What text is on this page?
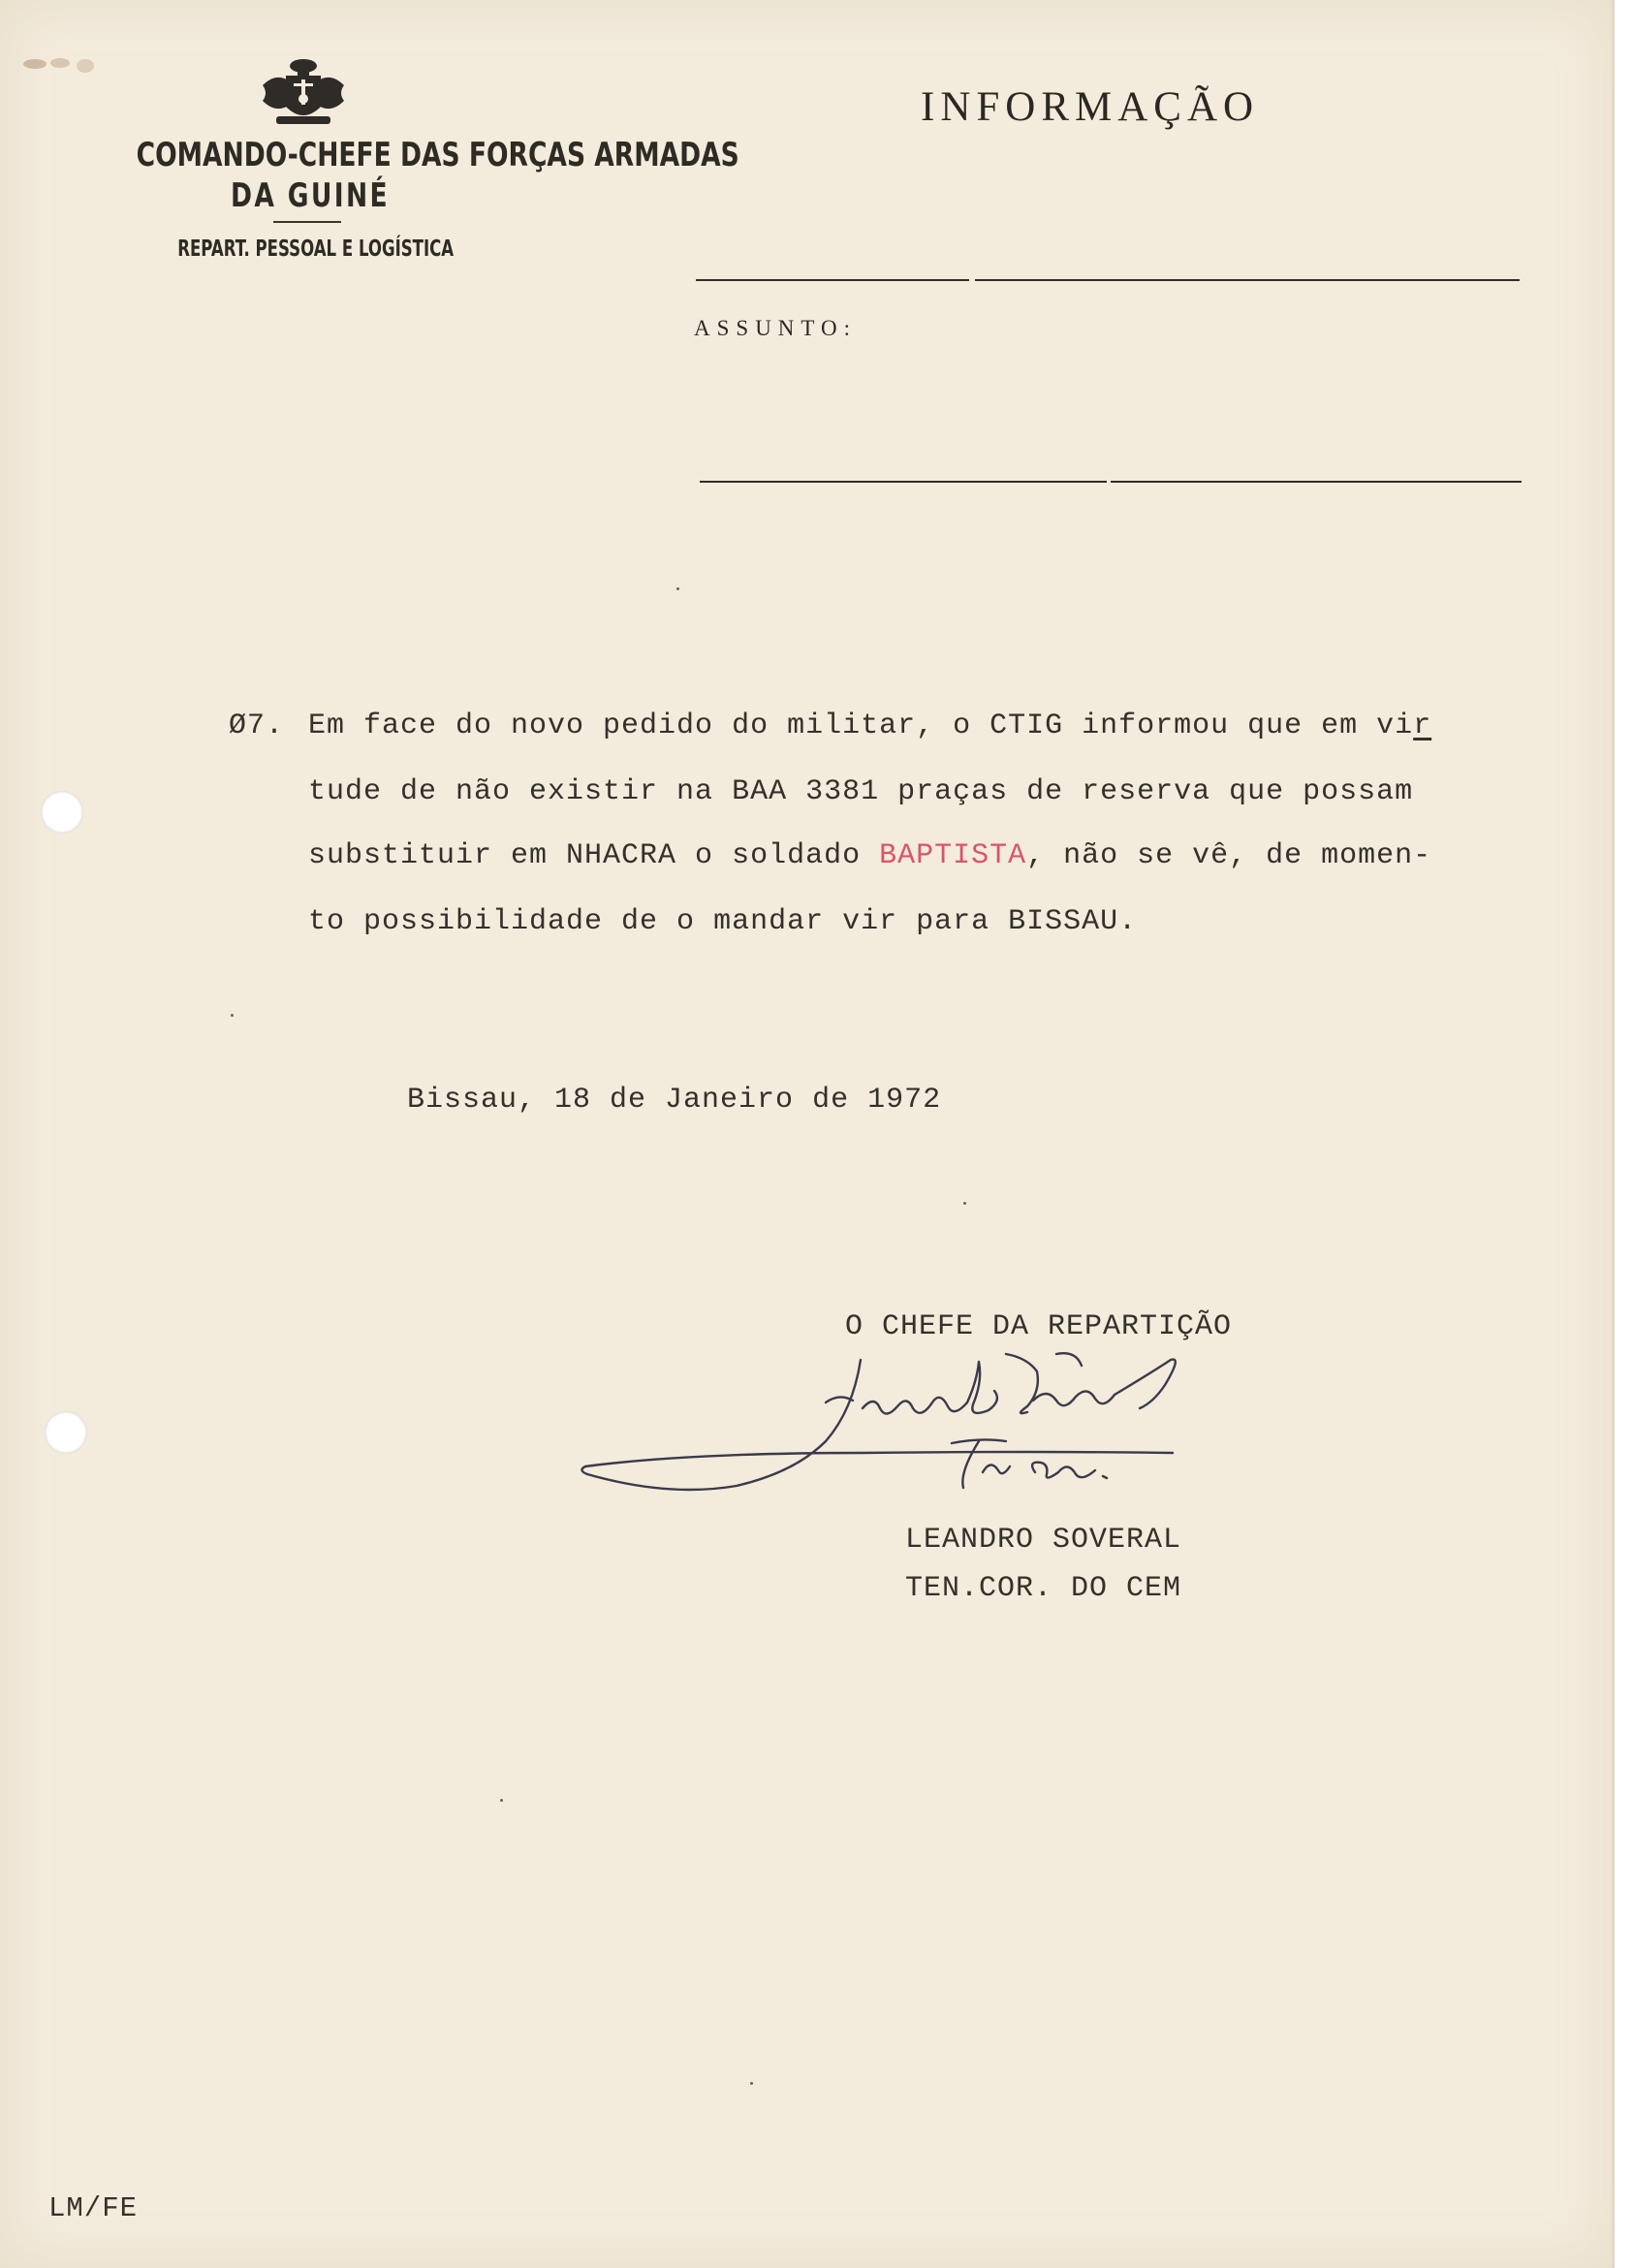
COMANDO-CHEFE DAS FORÇAS ARMADAS
DA GUINÉ
REPART. PESSOAL E LOGÍSTICA
INFORMAÇÃO
ASSUNTO:
Ø7. Em face do novo pedido do militar, o CTIG informou que em vir
tude de não existir na BAA 3381 praças de reserva que possam
substituir em NHACRA o soldado BAPTISTA, não se vê, de momen-
to possibilidade de o mandar vir para BISSAU.
Bissau, 18 de Janeiro de 1972
O CHEFE DA REPARTIÇÃO
LEANDRO SOVERAL
TEN.COR. DO CEM
LM/FE
